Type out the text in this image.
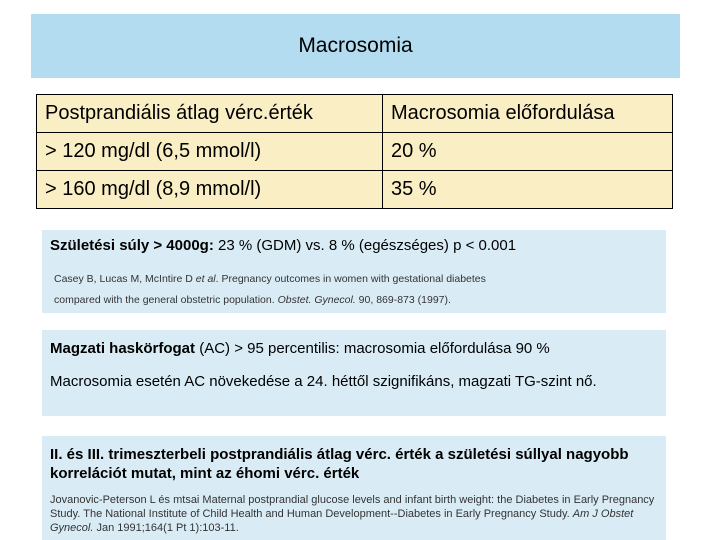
Macrosomia
Postprandiális átlag vérc.érték	Macrosomia előfordulása
> 120 mg/dl (6,5 mmol/l)	20 %
> 160 mg/dl (8,9 mmol/l)	35 %
Születési súly > 4000g: 23 % (GDM) vs. 8 % (egészséges) p < 0.001
Casey B, Lucas M, McIntire D et al. Pregnancy outcomes in women with gestational diabetes
compared with the general obstetric population. Obstet. Gynecol. 90, 869-873 (1997).
Magzati haskörfogat (AC) > 95 percentilis: macrosomia előfordulása 90 %
Macrosomia esetén AC növekedése a 24. héttől szignifikáns, magzati TG-szint nő.
II. és III. trimeszterbeli postprandiális átlag vérc. érték a születési súllyal nagyobb korrelációt mutat, mint az éhomi vérc. érték
Jovanovic-Peterson L és mtsai Maternal postprandial glucose levels and infant birth weight: the Diabetes in Early Pregnancy Study. The National Institute of Child Health and Human Development--Diabetes in Early Pregnancy Study. Am J Obstet Gynecol. Jan 1991;164(1 Pt 1):103-11.
